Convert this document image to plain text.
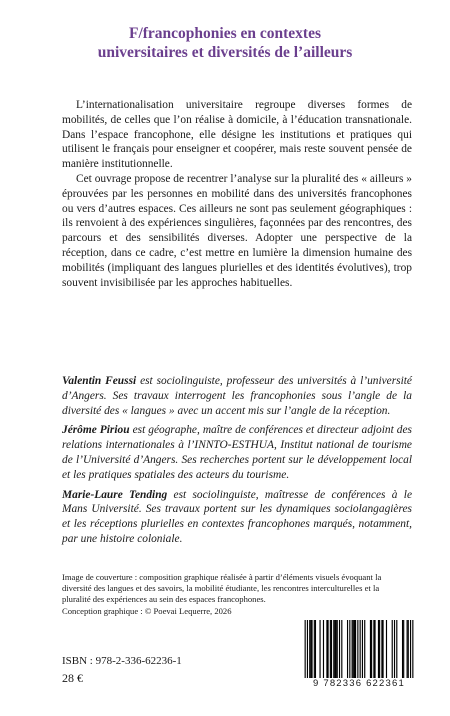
F/francophonies en contextes
universitaires et diversités de l’ailleurs

L’internationalisation universitaire regroupe diverses formes de mobilités, de celles que l’on réalise à domicile, à l’éducation transnationale. Dans l’espace francophone, elle désigne les institutions et pratiques qui utilisent le français pour enseigner et coopérer, mais reste souvent pensée de manière institutionnelle.

Cet ouvrage propose de recentrer l’analyse sur la pluralité des « ailleurs » éprouvées par les personnes en mobilité dans des universités francophones ou vers d’autres espaces. Ces ailleurs ne sont pas seulement géographiques : ils renvoient à des expériences singulières, façonnées par des rencontres, des parcours et des sensibilités diverses. Adopter une perspective de la réception, dans ce cadre, c’est mettre en lumière la dimension humaine des mobilités (impliquant des langues plurielles et des identités évolutives), trop souvent invisibilisée par les approches habituelles.

Valentin Feussi est sociolinguiste, professeur des universités à l’université d’Angers. Ses travaux interrogent les francophonies sous l’angle de la diversité des « langues » avec un accent mis sur l’angle de la réception.

Jérôme Piriou est géographe, maître de conférences et directeur adjoint des relations internationales à l’INNTO-ESTHUA, Institut national de tourisme de l’Université d’Angers. Ses recherches portent sur le développement local et les pratiques spatiales des acteurs du tourisme.

Marie-Laure Tending est sociolinguiste, maîtresse de conférences à le Mans Université. Ses travaux portent sur les dynamiques sociolangagières et les réceptions plurielles en contextes francophones marqués, notamment, par une histoire coloniale.

Image de couverture : composition graphique réalisée à partir d’éléments visuels évoquant la diversité des langues et des savoirs, la mobilité étudiante, les rencontres interculturelles et la pluralité des expériences au sein des espaces francophones.

Conception graphique : © Poevai Lequerre, 2026

ISBN : 978-2-336-62236-1
28 €	9 782336 622361
